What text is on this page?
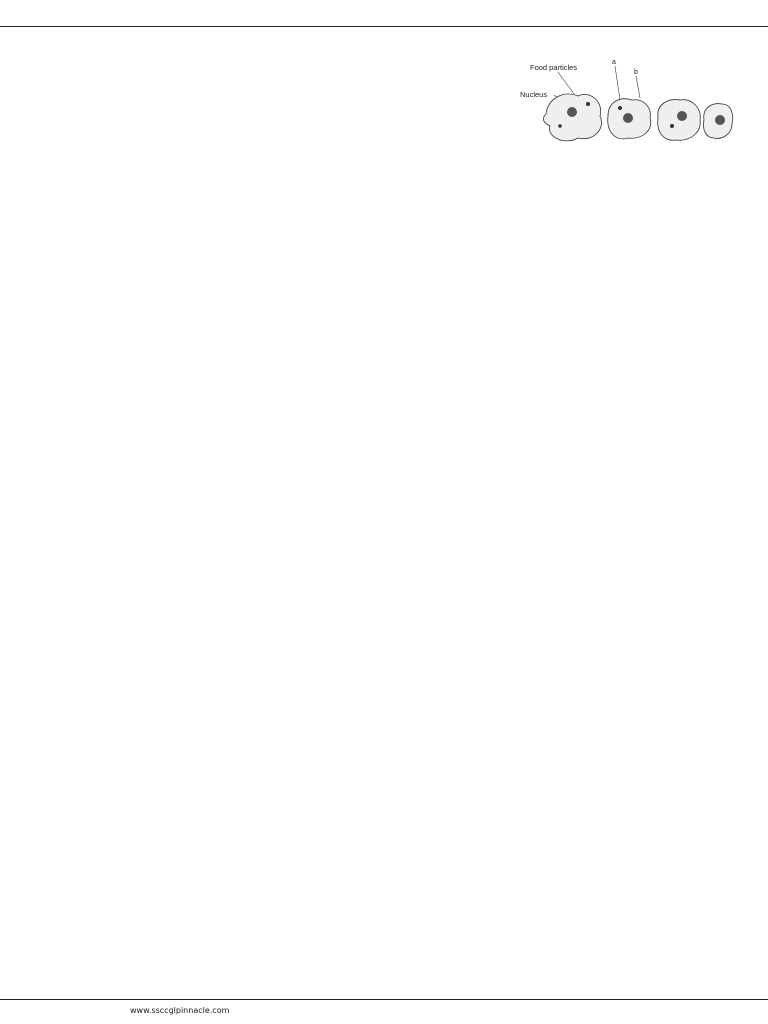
Food particles
Nucleus
a
b
www.ssccglpinnacle.com
